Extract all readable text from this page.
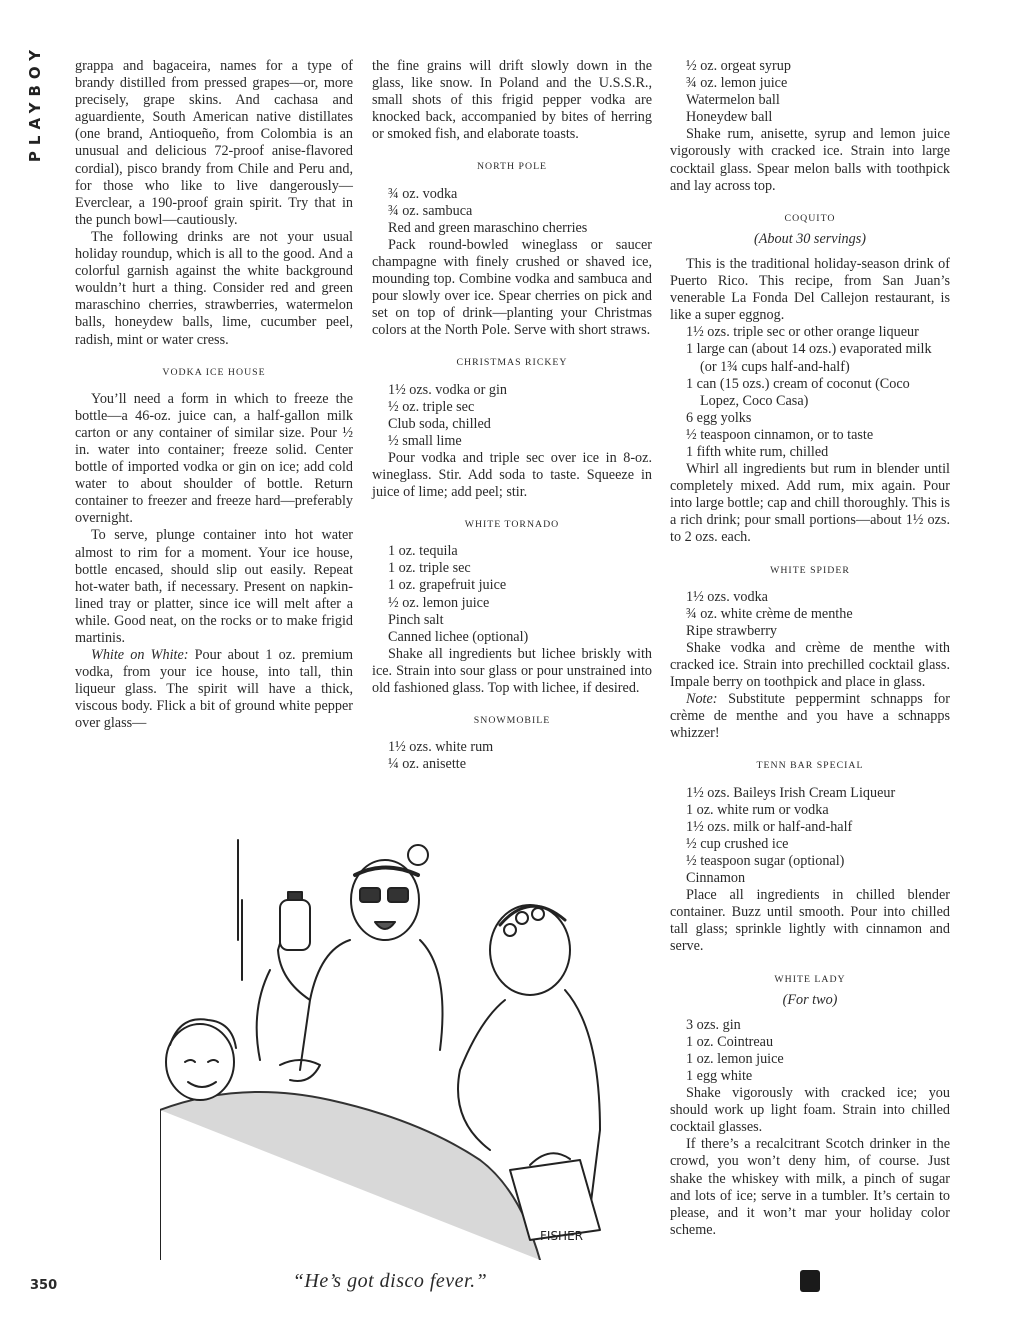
PLAYBOY grappa and bagaceira, names for a type of brandy distilled from pressed grapes—or, more precisely, grape skins. And cachasa and aguardiente, South American native distillates (one brand, Antioqueño, from Colombia is an unusual and delicious 72-proof anise-flavored cordial), pisco brandy from Chile and Peru and, for those who like to live dangerously—Everclear, a 190-proof grain spirit. Try that in the punch bowl—cautiously.

The following drinks are not your usual holiday roundup, which is all to the good. And a colorful garnish against the white background wouldn’t hurt a thing. Consider red and green maraschino cherries, strawberries, watermelon balls, honeydew balls, lime, cucumber peel, radish, mint or water cress.

VODKA ICE HOUSE

You’ll need a form in which to freeze the bottle—a 46-oz. juice can, a half-gallon milk carton or any container of similar size. Pour ½ in. water into container; freeze solid. Center bottle of imported vodka or gin on ice; add cold water to about shoulder of bottle. Return container to freezer and freeze hard—preferably overnight.

To serve, plunge container into hot water almost to rim for a moment. Your ice house, bottle encased, should slip out easily. Repeat hot-water bath, if necessary. Present on napkin-lined tray or platter, since ice will melt after a while. Good neat, on the rocks or to make frigid martinis.

White on White: Pour about 1 oz. premium vodka, from your ice house, into tall, thin liqueur glass. The spirit will have a thick, viscous body. Flick a bit of ground white pepper over glass—

the fine grains will drift slowly down in the glass, like snow. In Poland and the U.S.S.R., small shots of this frigid pepper vodka are knocked back, accompanied by bites of herring or smoked fish, and elaborate toasts.

NORTH POLE
¾ oz. vodka
¾ oz. sambuca
Red and green maraschino cherries

Pack round-bowled wineglass or saucer champagne with finely crushed or shaved ice, mounding top. Combine vodka and sambuca and pour slowly over ice. Spear cherries on pick and set on top of drink—planting your Christmas colors at the North Pole. Serve with short straws.

CHRISTMAS RICKEY
1½ ozs. vodka or gin
½ oz. triple sec
Club soda, chilled
½ small lime

Pour vodka and triple sec over ice in 8-oz. wineglass. Stir. Add soda to taste. Squeeze in juice of lime; add peel; stir.

WHITE TORNADO
1 oz. tequila
1 oz. triple sec
1 oz. grapefruit juice
½ oz. lemon juice
Pinch salt
Canned lichee (optional)

Shake all ingredients but lichee briskly with ice. Strain into sour glass or pour unstrained into old fashioned glass. Top with lichee, if desired.

SNOWMOBILE
1½ ozs. white rum
¼ oz. anisette
½ oz. orgeat syrup
¾ oz. lemon juice
Watermelon ball
Honeydew ball

Shake rum, anisette, syrup and lemon juice vigorously with cracked ice. Strain into large cocktail glass. Spear melon balls with toothpick and lay across top.

COQUITO
(About 30 servings)

This is the traditional holiday-season drink of Puerto Rico. This recipe, from San Juan’s venerable La Fonda Del Callejon restaurant, is like a super eggnog.

1½ ozs. triple sec or other orange liqueur
1 large can (about 14 ozs.) evaporated milk (or 1¾ cups half-and-half)
1 can (15 ozs.) cream of coconut (Coco Lopez, Coco Casa)
6 egg yolks
½ teaspoon cinnamon, or to taste
1 fifth white rum, chilled

Whirl all ingredients but rum in blender until completely mixed. Add rum, mix again. Pour into large bottle; cap and chill thoroughly. This is a rich drink; pour small portions—about 1½ ozs. to 2 ozs. each.

WHITE SPIDER
1½ ozs. vodka
¾ oz. white crème de menthe
Ripe strawberry

Shake vodka and crème de menthe with cracked ice. Strain into prechilled cocktail glass. Impale berry on toothpick and place in glass.

Note: Substitute peppermint schnapps for crème de menthe and you have a schnapps whizzer!

TENN BAR SPECIAL
1½ ozs. Baileys Irish Cream Liqueur
1 oz. white rum or vodka
1½ ozs. milk or half-and-half
½ cup crushed ice
½ teaspoon sugar (optional)
Cinnamon

Place all ingredients in chilled blender container. Buzz until smooth. Pour into chilled tall glass; sprinkle lightly with cinnamon and serve.

WHITE LADY
(For two)
3 ozs. gin
1 oz. Cointreau
1 oz. lemon juice
1 egg white

Shake vigorously with cracked ice; you should work up light foam. Strain into chilled cocktail glasses.

If there’s a recalcitrant Scotch drinker in the crowd, you won’t deny him, of course. Just shake the whiskey with milk, a pinch of sugar and lots of ice; serve in a tumbler. It’s certain to please, and it won’t mar your holiday color scheme.

FISHER
“He’s got disco fever.”
350
